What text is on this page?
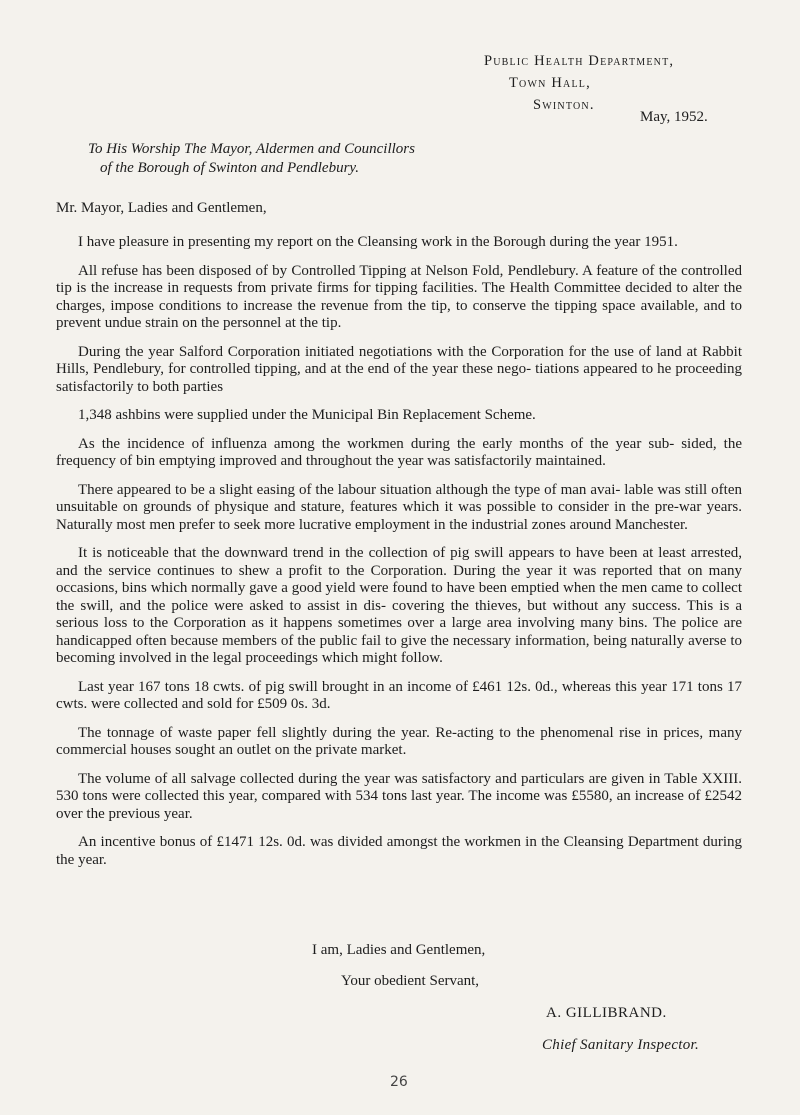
Public Health Department,
Town Hall,
Swinton.
May, 1952.
To His Worship The Mayor, Aldermen and Councillors
of the Borough of Swinton and Pendlebury.
Mr. Mayor, Ladies and Gentlemen,

I have pleasure in presenting my report on the Cleansing work in the Borough during the year 1951.

All refuse has been disposed of by Controlled Tipping at Nelson Fold, Pendlebury. A feature of the controlled tip is the increase in requests from private firms for tipping facilities. The Health Committee decided to alter the charges, impose conditions to increase the revenue from the tip, to conserve the tipping space available, and to prevent undue strain on the personnel at the tip.

During the year Salford Corporation initiated negotiations with the Corporation for the use of land at Rabbit Hills, Pendlebury, for controlled tipping, and at the end of the year these nego- tiations appeared to he proceeding satisfactorily to both parties

1,348 ashbins were supplied under the Municipal Bin Replacement Scheme.

As the incidence of influenza among the workmen during the early months of the year sub- sided, the frequency of bin emptying improved and throughout the year was satisfactorily maintained.

There appeared to be a slight easing of the labour situation although the type of man avai- lable was still often unsuitable on grounds of physique and stature, features which it was possible to consider in the pre-war years. Naturally most men prefer to seek more lucrative employment in the industrial zones around Manchester.

It is noticeable that the downward trend in the collection of pig swill appears to have been at least arrested, and the service continues to shew a profit to the Corporation. During the year it was reported that on many occasions, bins which normally gave a good yield were found to have been emptied when the men came to collect the swill, and the police were asked to assist in dis- covering the thieves, but without any success. This is a serious loss to the Corporation as it happens sometimes over a large area involving many bins. The police are handicapped often because members of the public fail to give the necessary information, being naturally averse to becoming involved in the legal proceedings which might follow.

Last year 167 tons 18 cwts. of pig swill brought in an income of £461 12s. 0d., whereas this year 171 tons 17 cwts. were collected and sold for £509 0s. 3d.

The tonnage of waste paper fell slightly during the year. Re-acting to the phenomenal rise in prices, many commercial houses sought an outlet on the private market.

The volume of all salvage collected during the year was satisfactory and particulars are given in Table XXIII. 530 tons were collected this year, compared with 534 tons last year. The income was £5580, an increase of £2542 over the previous year.

An incentive bonus of £1471 12s. 0d. was divided amongst the workmen in the Cleansing Department during the year.

I am, Ladies and Gentlemen,
Your obedient Servant,
A. GILLIBRAND.
Chief Sanitary Inspector.
26
